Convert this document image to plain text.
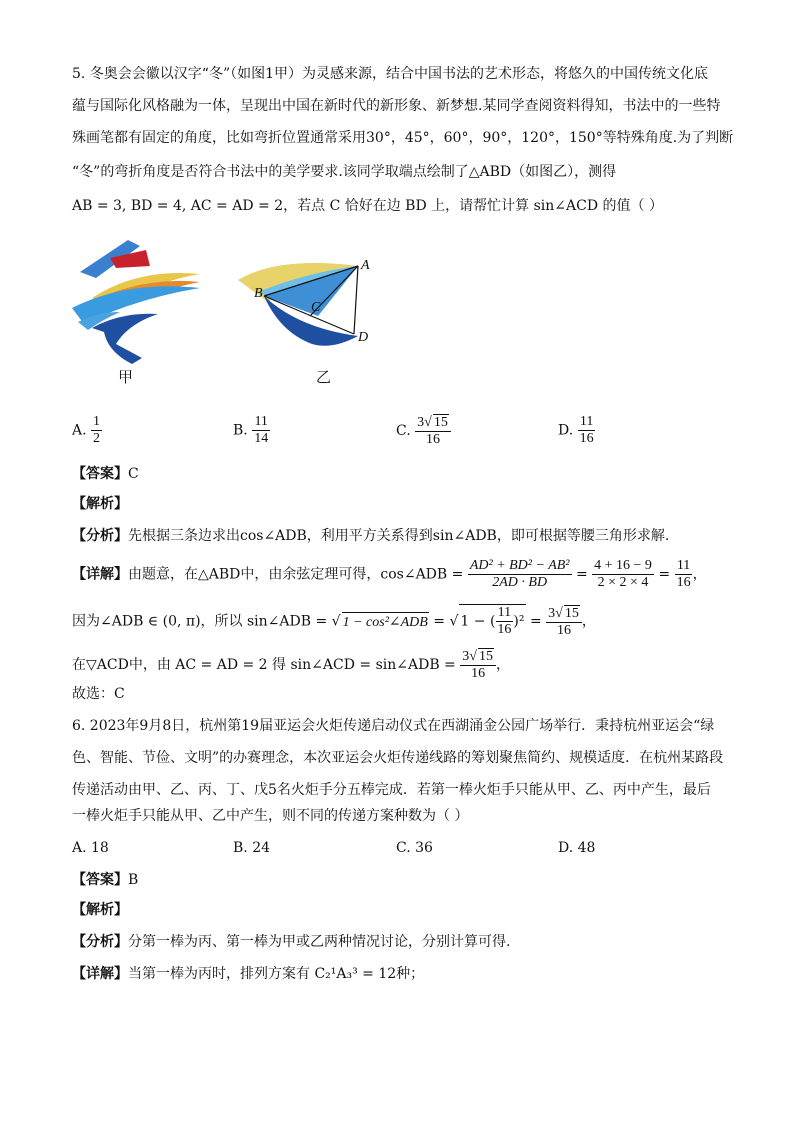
5. 冬奥会会徽以汉字“冬”（如图1甲）为灵感来源，结合中国书法的艺术形态，将悠久的中国传统文化底
蕴与国际化风格融为一体，呈现出中国在新时代的新形象、新梦想.某同学查阅资料得知，书法中的一些特
殊画笔都有固定的角度，比如弯折位置通常采用30°，45°，60°，90°，120°，150°等特殊角度.为了判断
“冬”的弯折角度是否符合书法中的美学要求.该同学取端点绘制了△ABD（如图乙），测得
AB = 3, BD = 4, AC = AD = 2，若点 C 恰好在边 BD 上，请帮忙计算 sin∠ACD 的值（ ）
A
B
C
D
甲	乙
A. $\frac{1}{2}$	B. $\frac{11}{14}$	C. $\frac{3√ 15}{16}$	D. $\frac{11}{16}$
【答案】C
【解析】
【分析】先根据三条边求出cos∠ADB，利用平方关系得到sin∠ADB，即可根据等腰三角形求解.
【详解】由题意，在△ABD中，由余弦定理可得，cos∠ADB = $\frac{\text{AD² + BD² − AB²}}{2AD \cdot BD} = \frac{4 + 16 - 9}{2 \times 2 \times 4} = \frac{11}{16}$ ，
因为∠ADB ∈ (0, π)，所以 sin∠ADB = √ 1 − cos²∠ADB = √ 1 − ( $\frac{11}{16} )^2 = \frac{3√ 15}{16}$ ，
在▽ACD中，由 AC = AD = 2 得 sin∠ACD = sin∠ADB = $\frac{3√ 15}{16}$ ，
故选：C
6. 2023年9月8日，杭州第19届亚运会火炬传递启动仪式在西湖涌金公园广场举行．秉持杭州亚运会“绿
色、智能、节俭、文明”的办赛理念，本次亚运会火炬传递线路的筹划聚焦简约、规模适度．在杭州某路段
传递活动由甲、乙、丙、丁、戊5名火炬手分五棒完成．若第一棒火炬手只能从甲、乙、丙中产生，最后
一棒火炬手只能从甲、乙中产生，则不同的传递方案种数为（ ）
A. 18	B. 24	C. 36	D. 48
【答案】B
【解析】
【分析】分第一棒为丙、第一棒为甲或乙两种情况讨论，分别计算可得.
【详解】当第一棒为丙时，排列方案有 C₂¹A₃³ = 12种；
